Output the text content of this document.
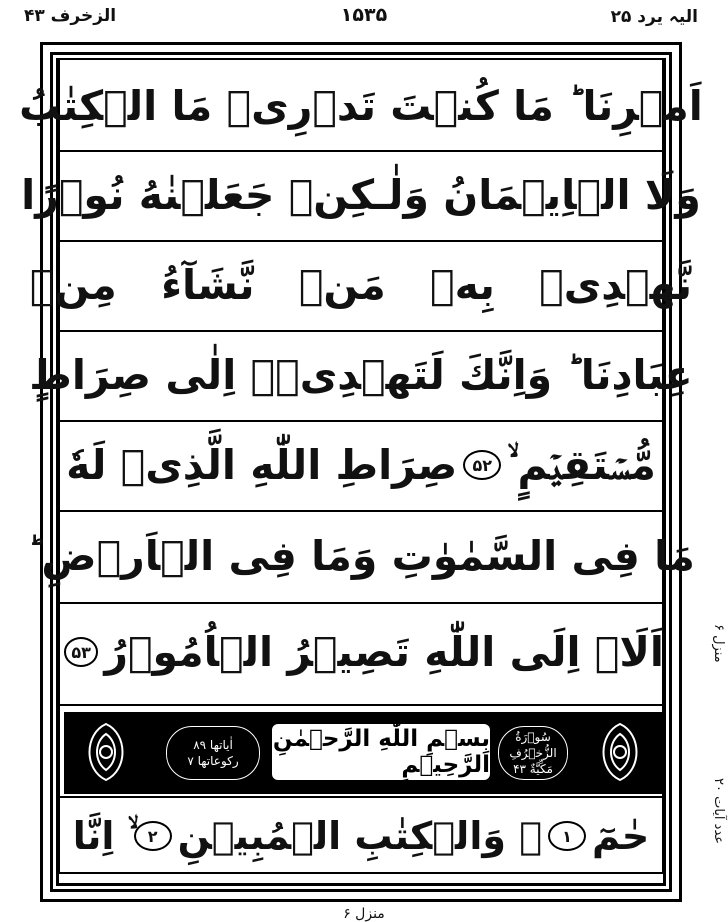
الزخرف ۴۳	۱۵۳۵	الیہ یرد ۲۵
اَمۡرِنَا ؕ مَا كُنۡتَ تَدۡرِىۡ مَا الۡكِتٰبُ
وَلَا الۡاِيۡمَانُ وَلٰـكِنۡ جَعَلۡنٰهُ نُوۡرًا
نَّهۡدِىۡ بِهٖ مَنۡ نَّشَآءُ مِنۡ
عِبَادِنَا ؕ وَاِنَّكَ لَتَهۡدِىۡۤ اِلٰى صِرَاطٍ
مُّسۡتَقِيۡمٍ ۙ
۵۲
صِرَاطِ اللّٰهِ الَّذِىۡ لَهٗ
مَا فِى السَّمٰوٰتِ وَمَا فِى الۡاَرۡضِ ؕ
اَلَاۤ اِلَى اللّٰهِ تَصِيۡرُ الۡاُمُوۡرُ
۵۳
اٰیاتها ۸۹
رکوعاتها ۷
بِسۡمِ اللّٰهِ الرَّحۡمٰنِ الرَّحِيۡمِ
سُوۡرَةُ
الزُّخۡرُفِ
مَكِّيَّةٌ ۴۳
حٰمٓ
۱
ۚ وَالۡكِتٰبِ الۡمُبِيۡنِ
۲
ۙ اِنَّا
منزل ۶
عدد آیات ۲۰
منزل ۶
